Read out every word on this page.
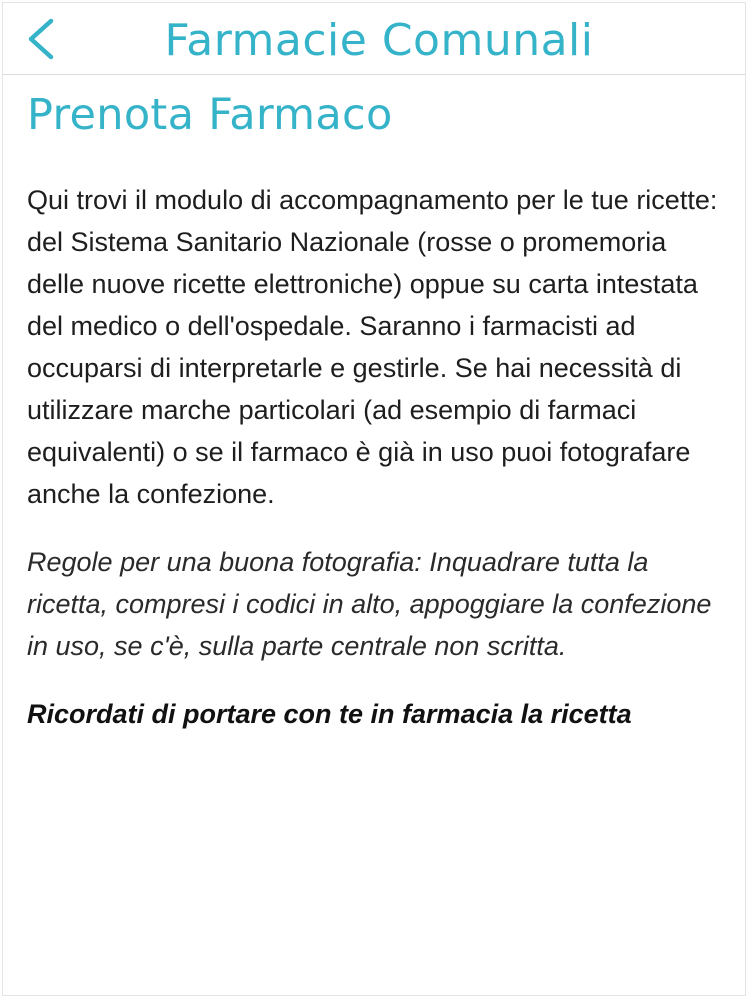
Farmacie Comunali
Prenota Farmaco

Qui trovi il modulo di accompagnamento per le tue ricette: del Sistema Sanitario Nazionale (rosse o promemoria delle nuove ricette elettroniche) oppue su carta intestata del medico o dell'ospedale. Saranno i farmacisti ad occuparsi di interpretarle e gestirle. Se hai necessità di utilizzare marche particolari (ad esempio di farmaci equivalenti) o se il farmaco è già in uso puoi fotografare anche la confezione.

Regole per una buona fotografia: Inquadrare tutta la ricetta, compresi i codici in alto, appoggiare la confezione in uso, se c'è, sulla parte centrale non scritta.

Ricordati di portare con te in farmacia la ricetta
